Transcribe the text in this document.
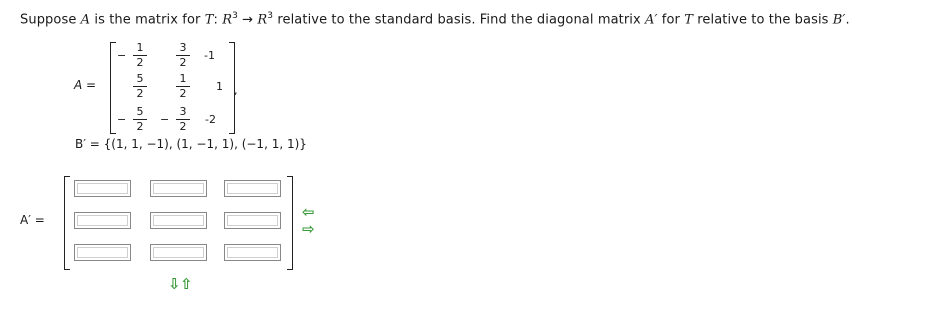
Suppose A is the matrix for T: $R^3 \to R^3$ relative to the standard basis. Find the diagonal matrix A′ for T relative to the basis B′.
A =
−
1
2
3
2
-1
5
2
1
2
1 ,
−
5
2
−
3
2
-2
B′ = {(1, 1, −1), (1, −1, 1), (−1, 1, 1)}
A′ =	⇦
⇨
⇩ ⇧
